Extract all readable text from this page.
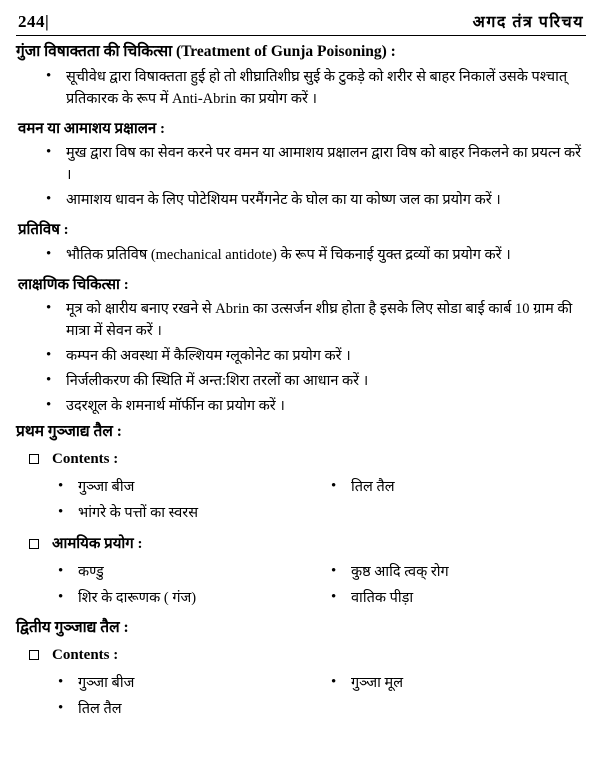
244|	अगद तंत्र परिचय
गुंजा विषाक्तता की चिकित्सा (Treatment of Gunja Poisoning) :
• सूचीवेध द्वारा विषाक्तता हुई हो तो शीघ्रातिशीघ्र सुई के टुकड़े को शरीर से बाहर निकालें उसके पश्चात् प्रतिकारक के रूप में Anti-Abrin का प्रयोग करें ।
वमन या आमाशय प्रक्षालन :
• मुख द्वारा विष का सेवन करने पर वमन या आमाशय प्रक्षालन द्वारा विष को बाहर निकलने का प्रयत्न करें ।
• आमाशय धावन के लिए पोटेशियम परमैंगनेट के घोल का या कोष्ण जल का प्रयोग करें ।
प्रतिविष :
• भौतिक प्रतिविष (mechanical antidote) के रूप में चिकनाई युक्त द्रव्यों का प्रयोग करें ।
लाक्षणिक चिकित्सा :
• मूत्र को क्षारीय बनाए रखने से Abrin का उत्सर्जन शीघ्र होता है इसके लिए सोडा बाई कार्ब 10 ग्राम की मात्रा में सेवन करें ।
• कम्पन की अवस्था में कैल्शियम ग्लूकोनेट का प्रयोग करें ।
• निर्जलीकरण की स्थिति में अन्त:शिरा तरलों का आधान करें ।
• उदरशूल के शमनार्थ मॉर्फीन का प्रयोग करें ।
प्रथम गुञ्जाद्य तैल :
Contents :
• गुञ्जा बीज
• भांगरे के पत्तों का स्वरस
• तिल तैल
आमयिक प्रयोग :
• कण्डु
• शिर के दारूणक ( गंज)
• कुष्ठ आदि त्वक् रोग
• वातिक पीड़ा
द्वितीय गुञ्जाद्य तैल :
Contents :
• गुञ्जा बीज
• तिल तैल
• गुञ्जा मूल
